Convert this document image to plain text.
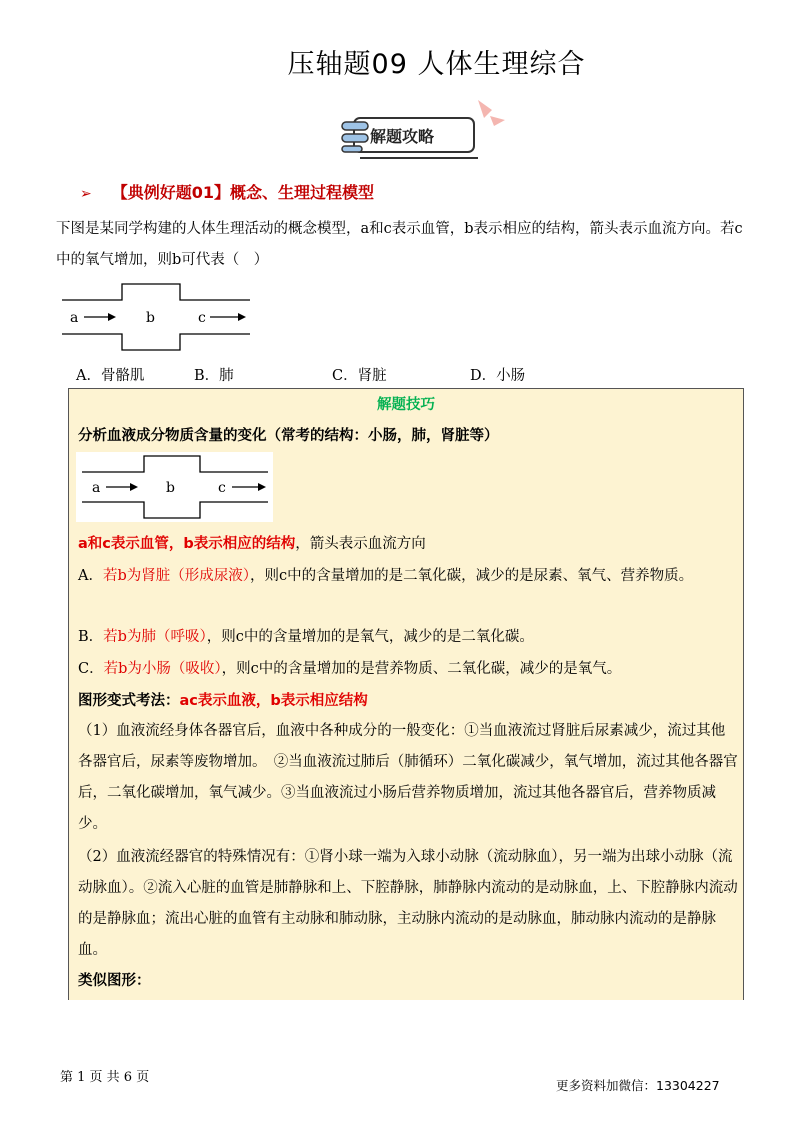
压轴题09 人体生理综合
解题攻略
➢ 【典例好题01】概念、生理过程模型
下图是某同学构建的人体生理活动的概念模型，a和c表示血管，b表示相应的结构，箭头表示血流方向。若c中的氧气增加，则b可代表（　）
a	b	c
A．骨骼肌	B．肺	C．肾脏	D．小肠
解题技巧
分析血液成分物质含量的变化（常考的结构：小肠，肺，肾脏等）
a	b	c
a和c表示血管，b表示相应的结构，箭头表示血流方向
A．若b为肾脏（形成尿液），则c中的含量增加的是二氧化碳，减少的是尿素、氧气、营养物质。
B．若b为肺（呼吸），则c中的含量增加的是氧气，减少的是二氧化碳。
C．若b为小肠（吸收），则c中的含量增加的是营养物质、二氧化碳，减少的是氧气。
图形变式考法：ac表示血液，b表示相应结构
（1）血液流经身体各器官后，血液中各种成分的一般变化：①当血液流过肾脏后尿素减少，流过其他各器官后，尿素等废物增加。　②当血液流过肺后（肺循环）二氧化碳减少，氧气增加，流过其他各器官后，二氧化碳增加，氧气减少。③当血液流过小肠后营养物质增加，流过其他各器官后，营养物质减少。
（2）血液流经器官的特殊情况有：①肾小球一端为入球小动脉（流动脉血），另一端为出球小动脉（流动脉血）。②流入心脏的血管是肺静脉和上、下腔静脉，肺静脉内流动的是动脉血，上、下腔静脉内流动的是静脉血；流出心脏的血管有主动脉和肺动脉，主动脉内流动的是动脉血，肺动脉内流动的是静脉血。
类似图形：
第 1 页 共 6 页
更多资料加微信：13304227
